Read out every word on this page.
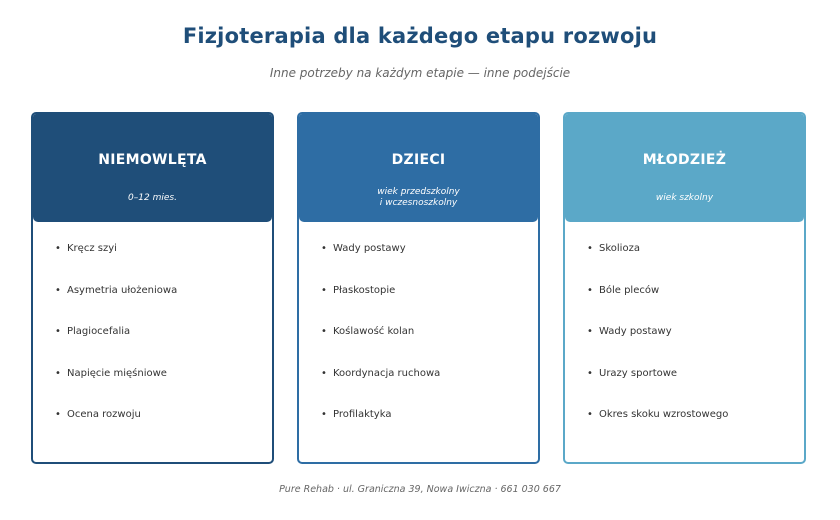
Fizjoterapia dla każdego etapu rozwoju
Inne potrzeby na każdym etapie — inne podejście
NIEMOWLĘTA
0–12 mies.
• Kręcz szyi
• Asymetria ułożeniowa
• Plagiocefalia
• Napięcie mięśniowe
• Ocena rozwoju
DZIECI
wiek przedszkolny
i wczesnoszkolny
• Wady postawy
• Płaskostopie
• Koślawość kolan
• Koordynacja ruchowa
• Profilaktyka
MŁODZIEŻ
wiek szkolny
• Skolioza
• Bóle pleców
• Wady postawy
• Urazy sportowe
• Okres skoku wzrostowego
Pure Rehab · ul. Graniczna 39, Nowa Iwiczna · 661 030 667
